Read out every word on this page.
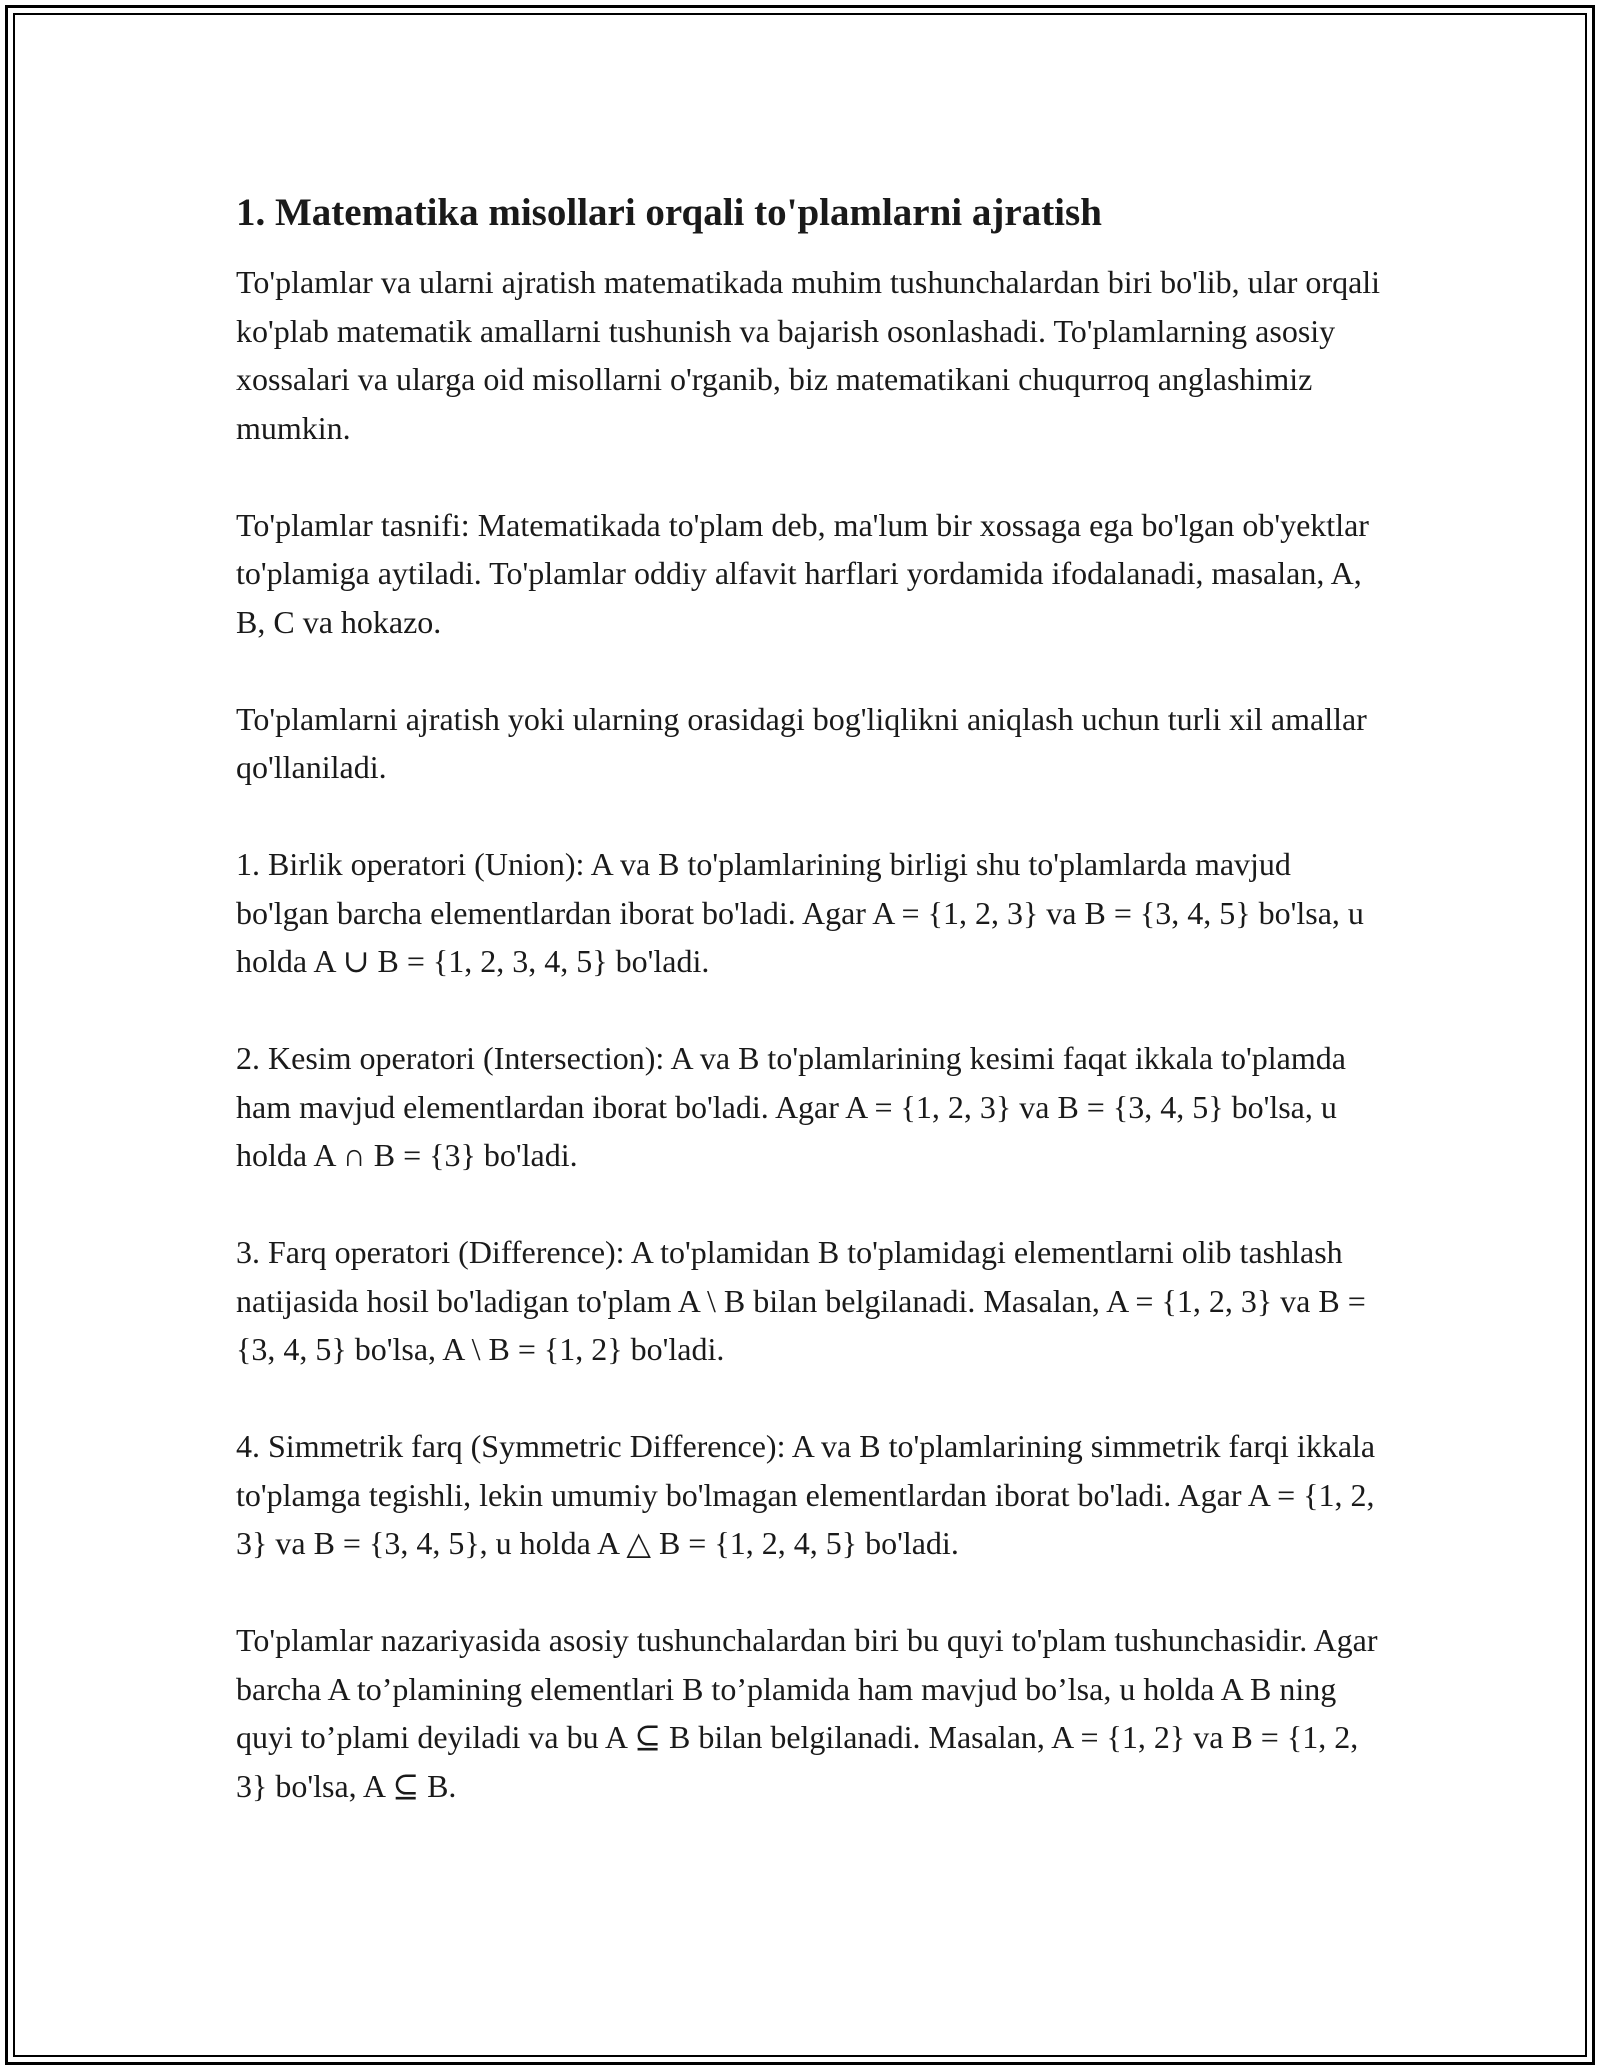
1. Matematika misollari orqali to'plamlarni ajratish

To'plamlar va ularni ajratish matematikada muhim tushunchalardan biri bo'lib, ular orqali ko'plab matematik amallarni tushunish va bajarish osonlashadi. To'plamlarning asosiy xossalari va ularga oid misollarni o'rganib, biz matematikani chuqurroq anglashimiz mumkin.

To'plamlar tasnifi: Matematikada to'plam deb, ma'lum bir xossaga ega bo'lgan ob'yektlar to'plamiga aytiladi. To'plamlar oddiy alfavit harflari yordamida ifodalanadi, masalan, A, B, C va hokazo.

To'plamlarni ajratish yoki ularning orasidagi bog'liqlikni aniqlash uchun turli xil amallar qo'llaniladi.

1. Birlik operatori (Union): A va B to'plamlarining birligi shu to'plamlarda mavjud bo'lgan barcha elementlardan iborat bo'ladi. Agar A = {1, 2, 3} va B = {3, 4, 5} bo'lsa, u holda A ∪ B = {1, 2, 3, 4, 5} bo'ladi.

2. Kesim operatori (Intersection): A va B to'plamlarining kesimi faqat ikkala to'plamda ham mavjud elementlardan iborat bo'ladi. Agar A = {1, 2, 3} va B = {3, 4, 5} bo'lsa, u holda A ∩ B = {3} bo'ladi.

3. Farq operatori (Difference): A to'plamidan B to'plamidagi elementlarni olib tashlash natijasida hosil bo'ladigan to'plam A \ B bilan belgilanadi. Masalan, A = {1, 2, 3} va B = {3, 4, 5} bo'lsa, A \ B = {1, 2} bo'ladi.

4. Simmetrik farq (Symmetric Difference): A va B to'plamlarining simmetrik farqi ikkala to'plamga tegishli, lekin umumiy bo'lmagan elementlardan iborat bo'ladi. Agar A = {1, 2, 3} va B = {3, 4, 5}, u holda A △ B = {1, 2, 4, 5} bo'ladi.

To'plamlar nazariyasida asosiy tushunchalardan biri bu quyi to'plam tushunchasidir. Agar barcha A to’plamining elementlari B to’plamida ham mavjud bo’lsa, u holda A B ning quyi to’plami deyiladi va bu A ⊆ B bilan belgilanadi. Masalan, A = {1, 2} va B = {1, 2, 3} bo'lsa, A ⊆ B.
